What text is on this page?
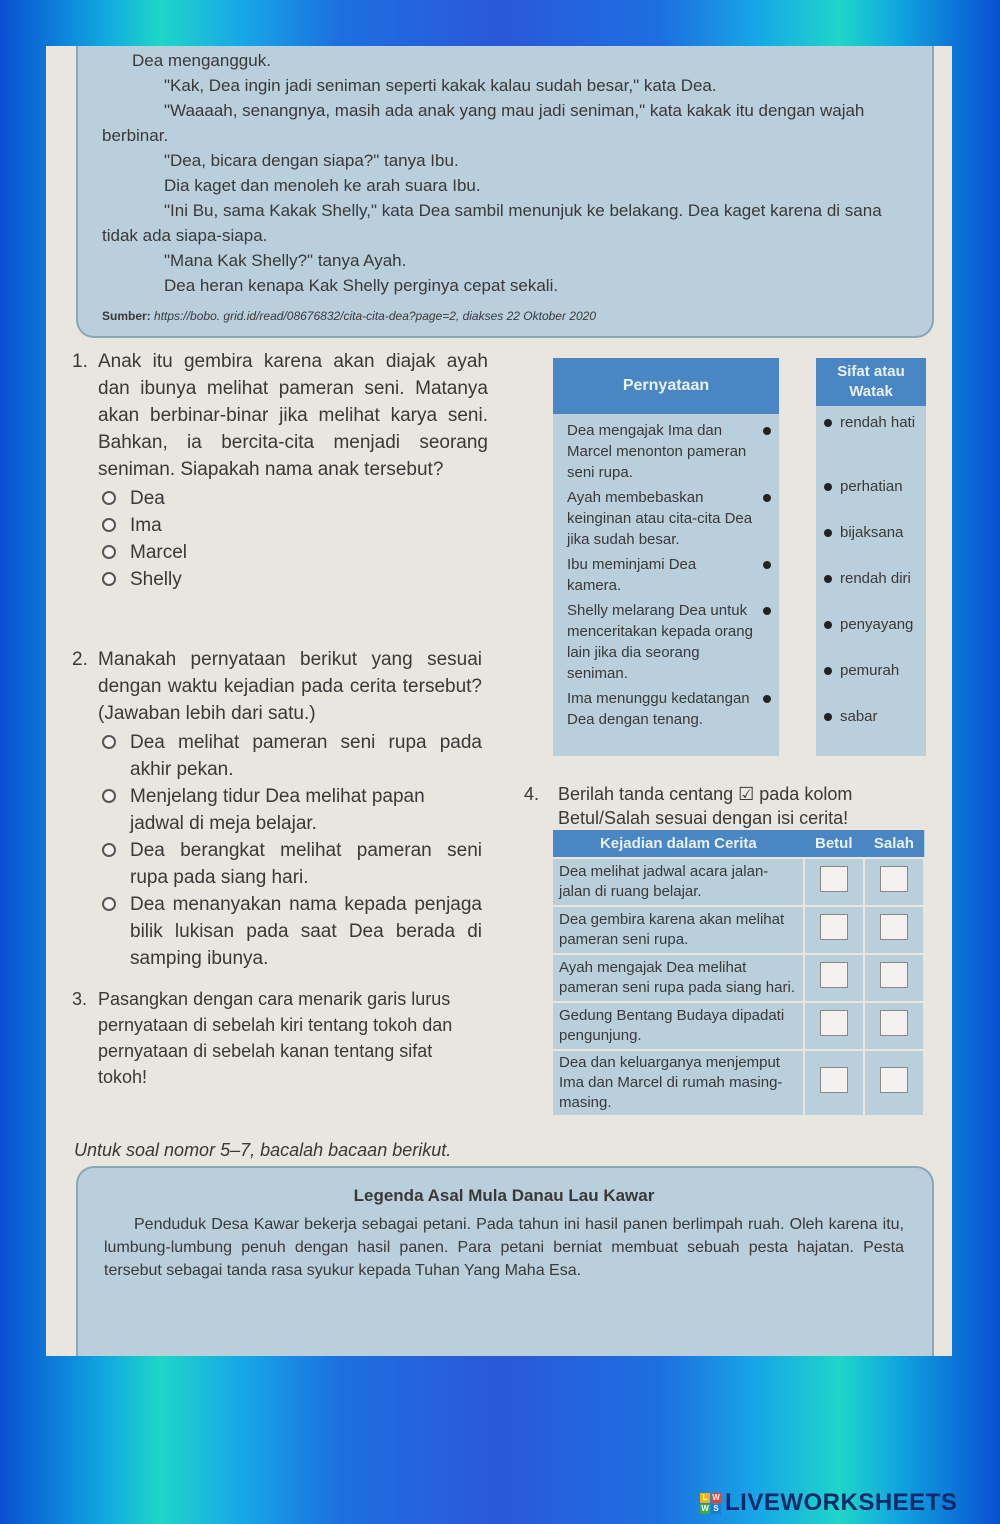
Dea mengangguk.

"Kak, Dea ingin jadi seniman seperti kakak kalau sudah besar," kata Dea.

"Waaaah, senangnya, masih ada anak yang mau jadi seniman," kata kakak itu dengan wajah berbinar.

"Dea, bicara dengan siapa?" tanya Ibu.

Dia kaget dan menoleh ke arah suara Ibu.

"Ini Bu, sama Kakak Shelly," kata Dea sambil menunjuk ke belakang. Dea kaget karena di sana tidak ada siapa-siapa.

"Mana Kak Shelly?" tanya Ayah.

Dea heran kenapa Kak Shelly perginya cepat sekali.

Sumber: https://bobo. grid.id/read/08676832/cita-cita-dea?page=2, diakses 22 Oktober 2020

1. Anak itu gembira karena akan diajak ayah dan ibunya melihat pameran seni. Matanya akan berbinar-binar jika melihat karya seni. Bahkan, ia bercita-cita menjadi seorang seniman. Siapakah nama anak tersebut?
Dea
Ima
Marcel
Shelly
2. Manakah pernyataan berikut yang sesuai dengan waktu kejadian pada cerita tersebut? (Jawaban lebih dari satu.)
Dea melihat pameran seni rupa pada akhir pekan.
Menjelang tidur Dea melihat papan jadwal di meja belajar.
Dea berangkat melihat pameran seni rupa pada siang hari.
Dea menanyakan nama kepada penjaga bilik lukisan pada saat Dea berada di samping ibunya.
3. Pasangkan dengan cara menarik garis lurus pernyataan di sebelah kiri tentang tokoh dan pernyataan di sebelah kanan tentang sifat tokoh!
Pernyataan
Dea mengajak Ima dan Marcel menonton pameran seni rupa.
Ayah membebaskan keinginan atau cita-cita Dea jika sudah besar.
Ibu meminjami Dea kamera.
Shelly melarang Dea untuk menceritakan kepada orang lain jika dia seorang seniman.
Ima menunggu kedatangan Dea dengan tenang.
Sifat atau Watak
rendah hati
perhatian
bijaksana
rendah diri
penyayang
pemurah
sabar
4. Berilah tanda centang ☑ pada kolom Betul/Salah sesuai dengan isi cerita!
Kejadian dalam Cerita	Betul	Salah
Dea melihat jadwal acara jalan-jalan di ruang belajar.		
Dea gembira karena akan melihat pameran seni rupa.		
Ayah mengajak Dea melihat pameran seni rupa pada siang hari.		
Gedung Bentang Budaya dipadati pengunjung.		
Dea dan keluarganya menjemput Ima dan Marcel di rumah masing-masing.		
Untuk soal nomor 5–7, bacalah bacaan berikut.
Legenda Asal Mula Danau Lau Kawar

Penduduk Desa Kawar bekerja sebagai petani. Pada tahun ini hasil panen berlimpah ruah. Oleh karena itu, lumbung-lumbung penuh dengan hasil panen. Para petani berniat membuat sebuah pesta hajatan. Pesta tersebut sebagai tanda rasa syukur kepada Tuhan Yang Maha Esa.

L W
W S LIVEWORKSHEETS
